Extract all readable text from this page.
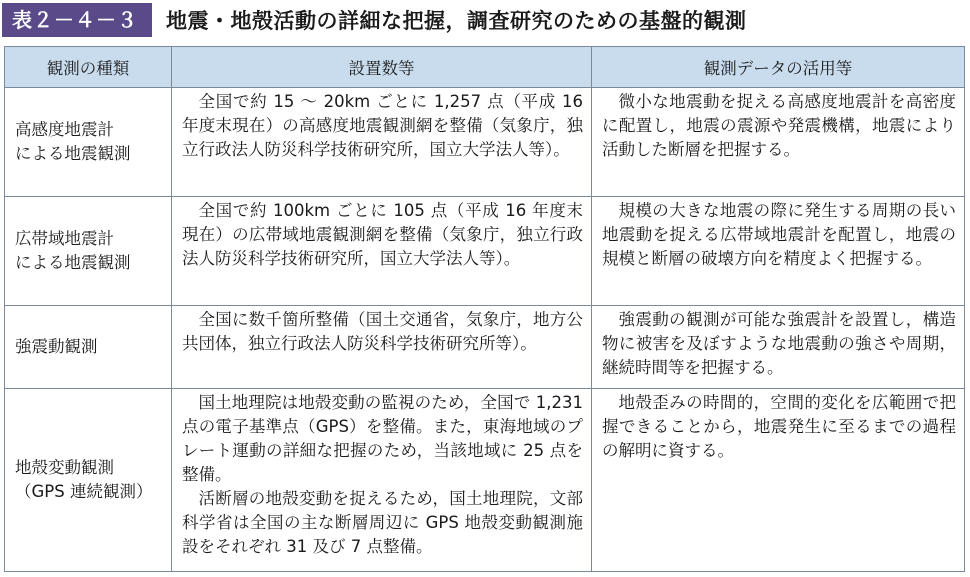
表２－４－３	地震・地殻活動の詳細な把握，調査研究のための基盤的観測
観測の種類	設置数等	観測データの活用等
高感度地震計
による地震観測	全国で約 15 ～ 20km ごとに 1,257 点（平成 16 年度末現在）の高感度地震観測網を整備（気象庁，独立行政法人防災科学技術研究所，国立大学法人等）。	微小な地震動を捉える高感度地震計を高密度に配置し，地震の震源や発震機構，地震により活動した断層を把握する。

広帯域地震計
による地震観測	全国で約 100km ごとに 105 点（平成 16 年度末現在）の広帯域地震観測網を整備（気象庁，独立行政法人防災科学技術研究所，国立大学法人等）。	規模の大きな地震の際に発生する周期の長い地震動を捉える広帯域地震計を配置し，地震の規模と断層の破壊方向を精度よく把握する。

強震動観測	全国に数千箇所整備（国土交通省，気象庁，地方公共団体，独立行政法人防災科学技術研究所等）。	強震動の観測が可能な強震計を設置し，構造物に被害を及ぼすような地震動の強さや周期，継続時間等を把握する。

地殻変動観測
（GPS 連続観測）	国土地理院は地殻変動の監視のため，全国で 1,231 点の電子基準点（GPS）を整備。また，東海地域のプレート運動の詳細な把握のため，当該地域に 25 点を整備。
活断層の地殻変動を捉えるため，国土地理院，文部科学省は全国の主な断層周辺に GPS 地殻変動観測施設をそれぞれ 31 及び 7 点整備。	地殻歪みの時間的，空間的変化を広範囲で把握できることから，地震発生に至るまでの過程の解明に資する。
